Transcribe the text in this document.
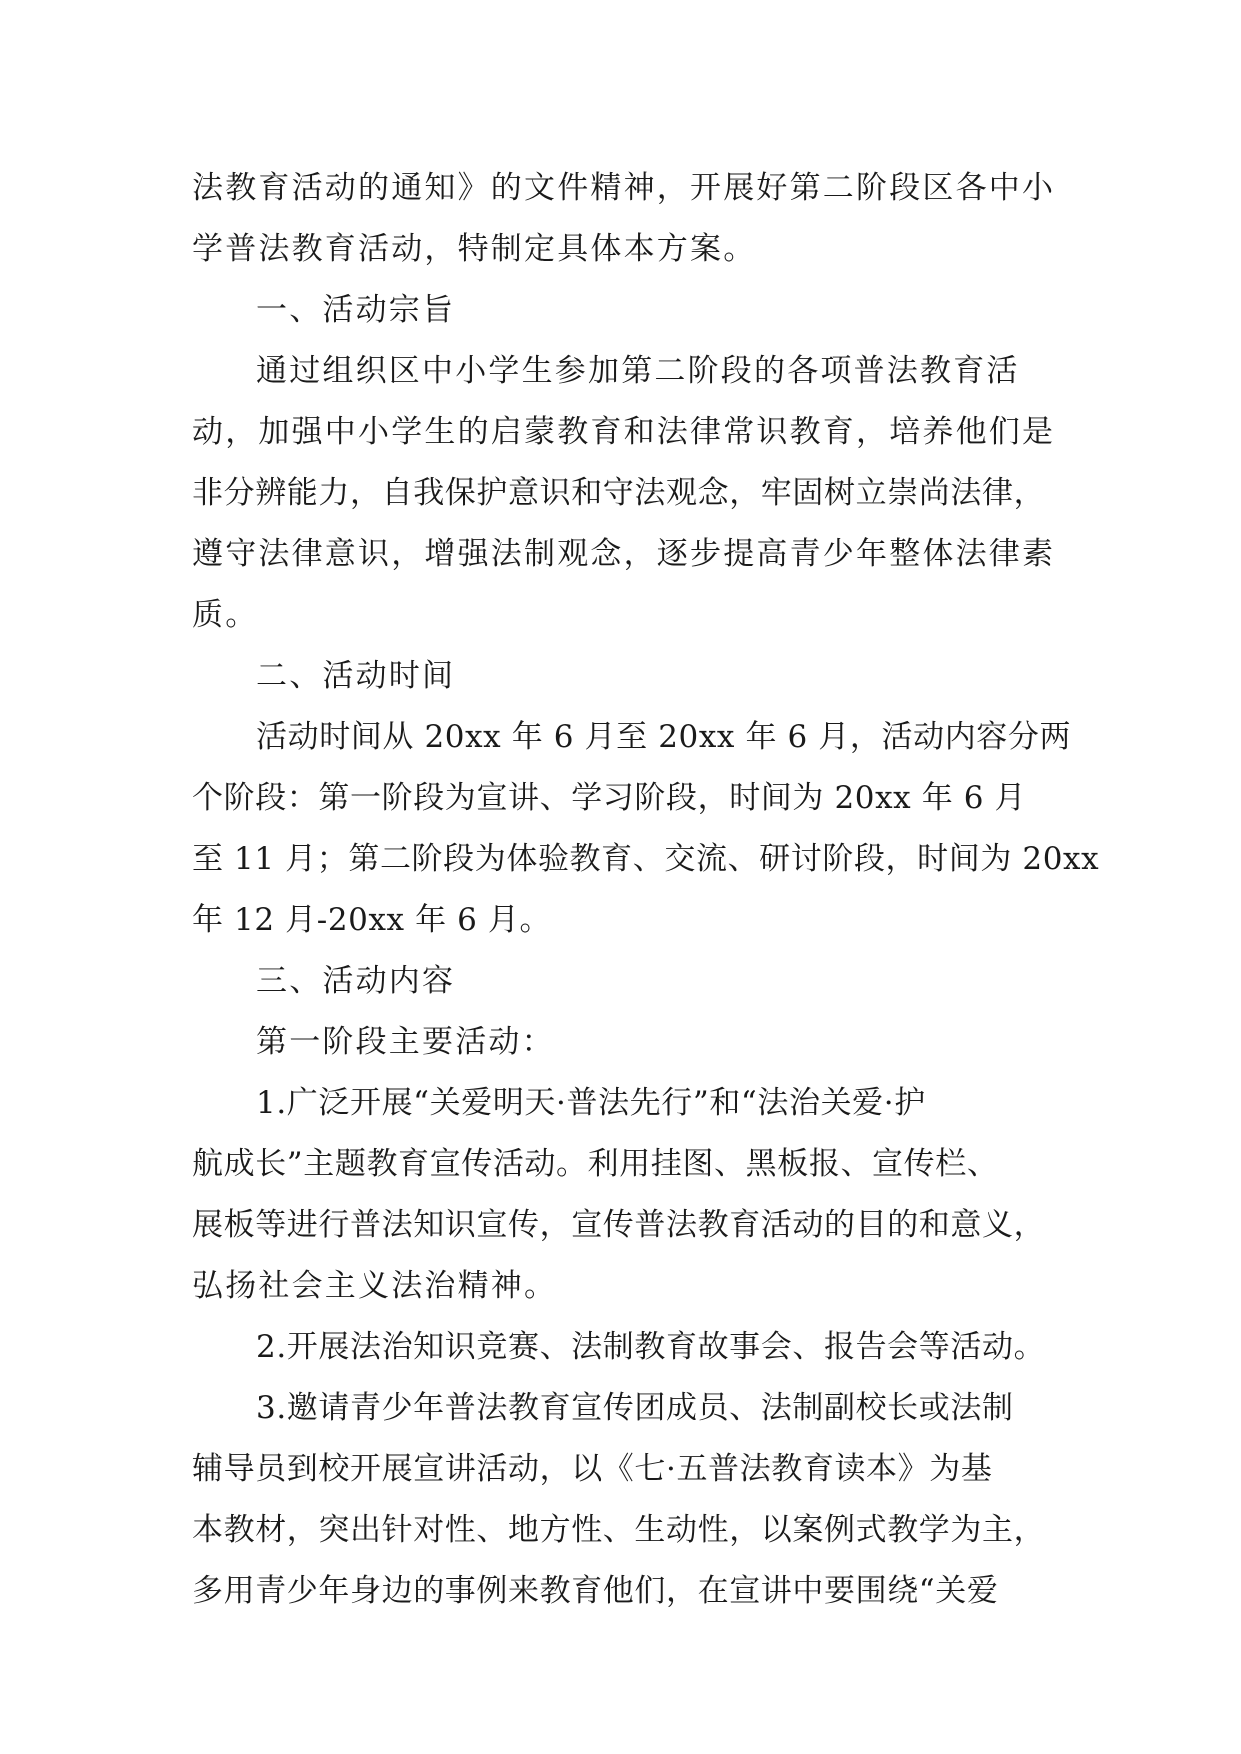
法教育活动的通知》的文件精神，开展好第二阶段区各中小
学普法教育活动，特制定具体本方案。
一、活动宗旨
通过组织区中小学生参加第二阶段的各项普法教育活
动，加强中小学生的启蒙教育和法律常识教育，培养他们是
非分辨能力，自我保护意识和守法观念，牢固树立崇尚法律，
遵守法律意识，增强法制观念，逐步提高青少年整体法律素
质。
二、活动时间
活动时间从 20xx 年 6 月至 20xx 年 6 月，活动内容分两
个阶段：第一阶段为宣讲、学习阶段，时间为 20xx 年 6 月
至 11 月；第二阶段为体验教育、交流、研讨阶段，时间为 20xx
年 12 月-20xx 年 6 月。
三、活动内容
第一阶段主要活动：
1.广泛开展“关爱明天·普法先行”和“法治关爱·护
航成长”主题教育宣传活动。利用挂图、黑板报、宣传栏、
展板等进行普法知识宣传，宣传普法教育活动的目的和意义，
弘扬社会主义法治精神。
2.开展法治知识竞赛、法制教育故事会、报告会等活动。
3.邀请青少年普法教育宣传团成员、法制副校长或法制
辅导员到校开展宣讲活动，以《七·五普法教育读本》为基
本教材，突出针对性、地方性、生动性，以案例式教学为主，
多用青少年身边的事例来教育他们，在宣讲中要围绕“关爱
